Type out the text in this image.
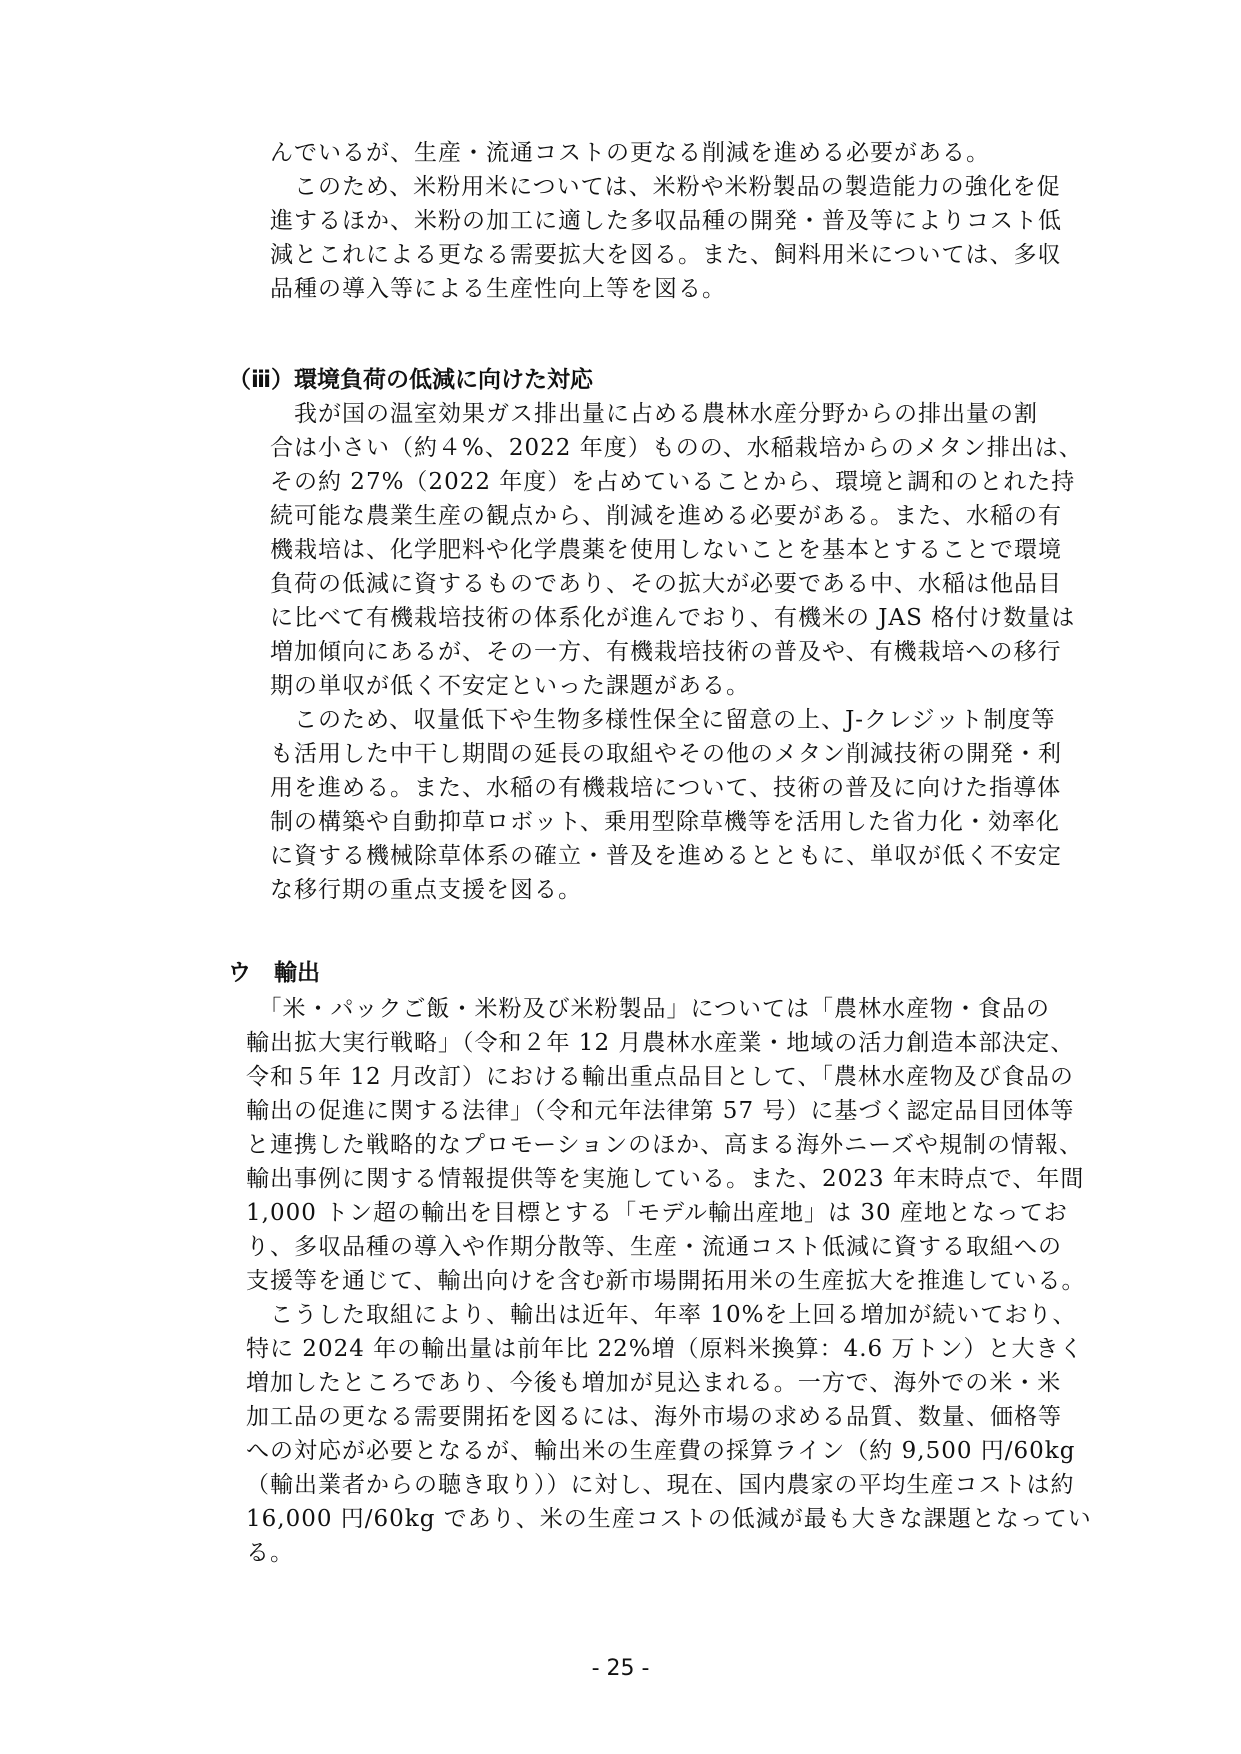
んでいるが、生産・流通コストの更なる削減を進める必要がある。
　このため、米粉用米については、米粉や米粉製品の製造能力の強化を促
進するほか、米粉の加工に適した多収品種の開発・普及等によりコスト低
減とこれによる更なる需要拡大を図る。また、飼料用米については、多収
品種の導入等による生産性向上等を図る。
（ⅲ）環境負荷の低減に向けた対応
　我が国の温室効果ガス排出量に占める農林水産分野からの排出量の割
合は小さい（約４%、2022 年度）ものの、水稲栽培からのメタン排出は、
その約 27%（2022 年度）を占めていることから、環境と調和のとれた持
続可能な農業生産の観点から、削減を進める必要がある。また、水稲の有
機栽培は、化学肥料や化学農薬を使用しないことを基本とすることで環境
負荷の低減に資するものであり、その拡大が必要である中、水稲は他品目
に比べて有機栽培技術の体系化が進んでおり、有機米の JAS 格付け数量は
増加傾向にあるが、その一方、有機栽培技術の普及や、有機栽培への移行
期の単収が低く不安定といった課題がある。
　このため、収量低下や生物多様性保全に留意の上、J-クレジット制度等
も活用した中干し期間の延長の取組やその他のメタン削減技術の開発・利
用を進める。また、水稲の有機栽培について、技術の普及に向けた指導体
制の構築や自動抑草ロボット、乗用型除草機等を活用した省力化・効率化
に資する機械除草体系の確立・普及を進めるとともに、単収が低く不安定
な移行期の重点支援を図る。
ウ　輸出
　「米・パックご飯・米粉及び米粉製品」については「農林水産物・食品の
輸出拡大実行戦略」（令和２年 12 月農林水産業・地域の活力創造本部決定、
令和５年 12 月改訂）における輸出重点品目として、「農林水産物及び食品の
輸出の促進に関する法律」（令和元年法律第 57 号）に基づく認定品目団体等
と連携した戦略的なプロモーションのほか、高まる海外ニーズや規制の情報、
輸出事例に関する情報提供等を実施している。また、2023 年末時点で、年間
1,000 トン超の輸出を目標とする「モデル輸出産地」は 30 産地となってお
り、多収品種の導入や作期分散等、生産・流通コスト低減に資する取組への
支援等を通じて、輸出向けを含む新市場開拓用米の生産拡大を推進している。
　こうした取組により、輸出は近年、年率 10%を上回る増加が続いており、
特に 2024 年の輸出量は前年比 22%増（原料米換算：4.6 万トン）と大きく
増加したところであり、今後も増加が見込まれる。一方で、海外での米・米
加工品の更なる需要開拓を図るには、海外市場の求める品質、数量、価格等
への対応が必要となるが、輸出米の生産費の採算ライン（約 9,500 円/60kg
（輸出業者からの聴き取り））に対し、現在、国内農家の平均生産コストは約
16,000 円/60kg であり、米の生産コストの低減が最も大きな課題となってい
る。
- 25 -
